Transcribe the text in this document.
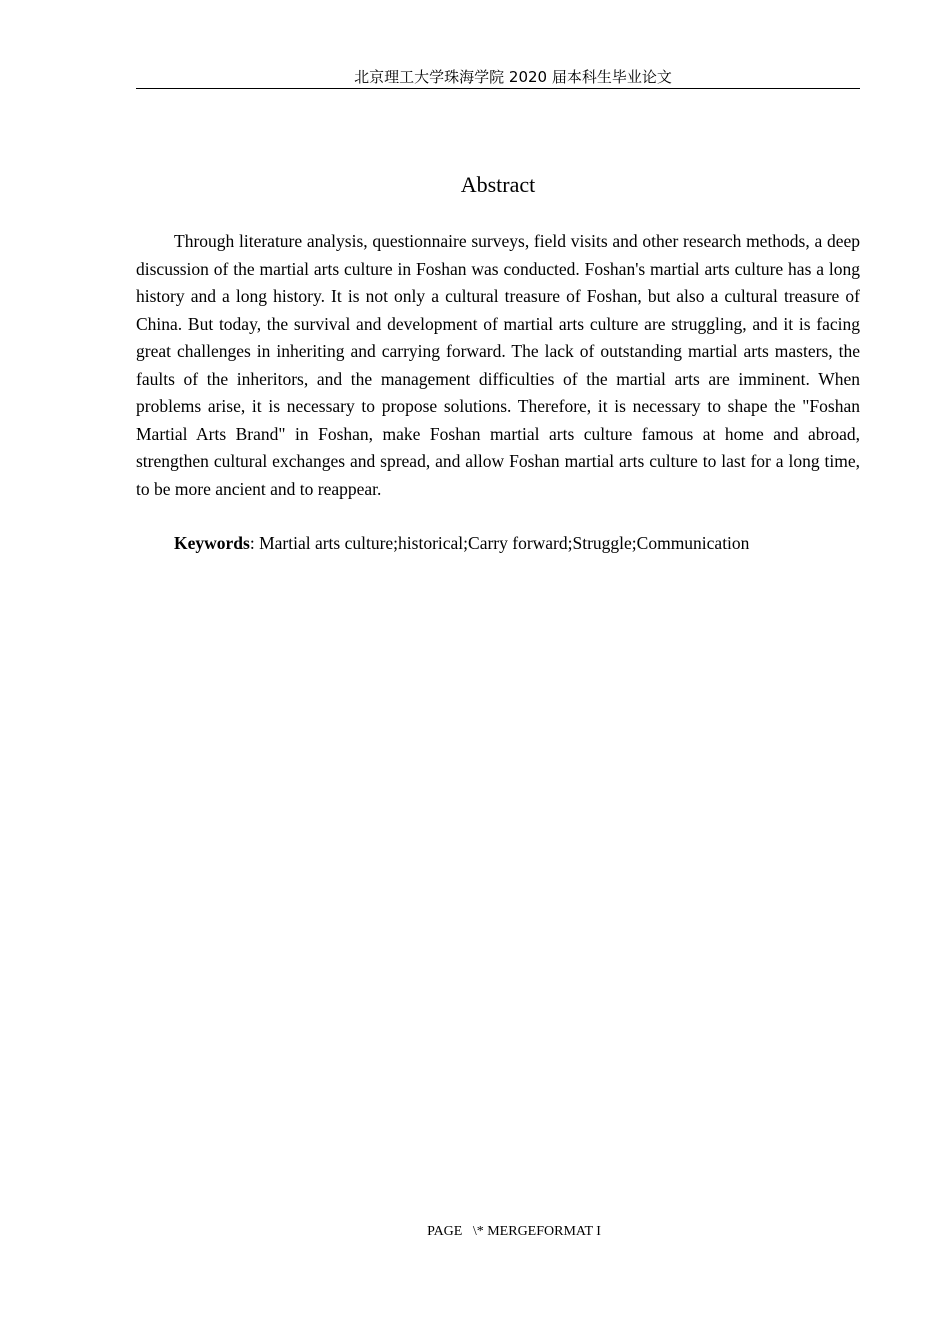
北京理工大学珠海学院 2020 届本科生毕业论文
Abstract

Through literature analysis, questionnaire surveys, field visits and other research methods, a deep discussion of the martial arts culture in Foshan was conducted. Foshan's martial arts culture has a long history and a long history. It is not only a cultural treasure of Foshan, but also a cultural treasure of China. But today, the survival and development of martial arts culture are struggling, and it is facing great challenges in inheriting and carrying forward. The lack of outstanding martial arts masters, the faults of the inheritors, and the management difficulties of the martial arts are imminent. When problems arise, it is necessary to propose solutions. Therefore, it is necessary to shape the "Foshan Martial Arts Brand" in Foshan, make Foshan martial arts culture famous at home and abroad, strengthen cultural exchanges and spread, and allow Foshan martial arts culture to last for a long time, to be more ancient and to reappear.

Keywords: Martial arts culture;historical;Carry forward;Struggle;Communication

PAGE   \* MERGEFORMAT I
